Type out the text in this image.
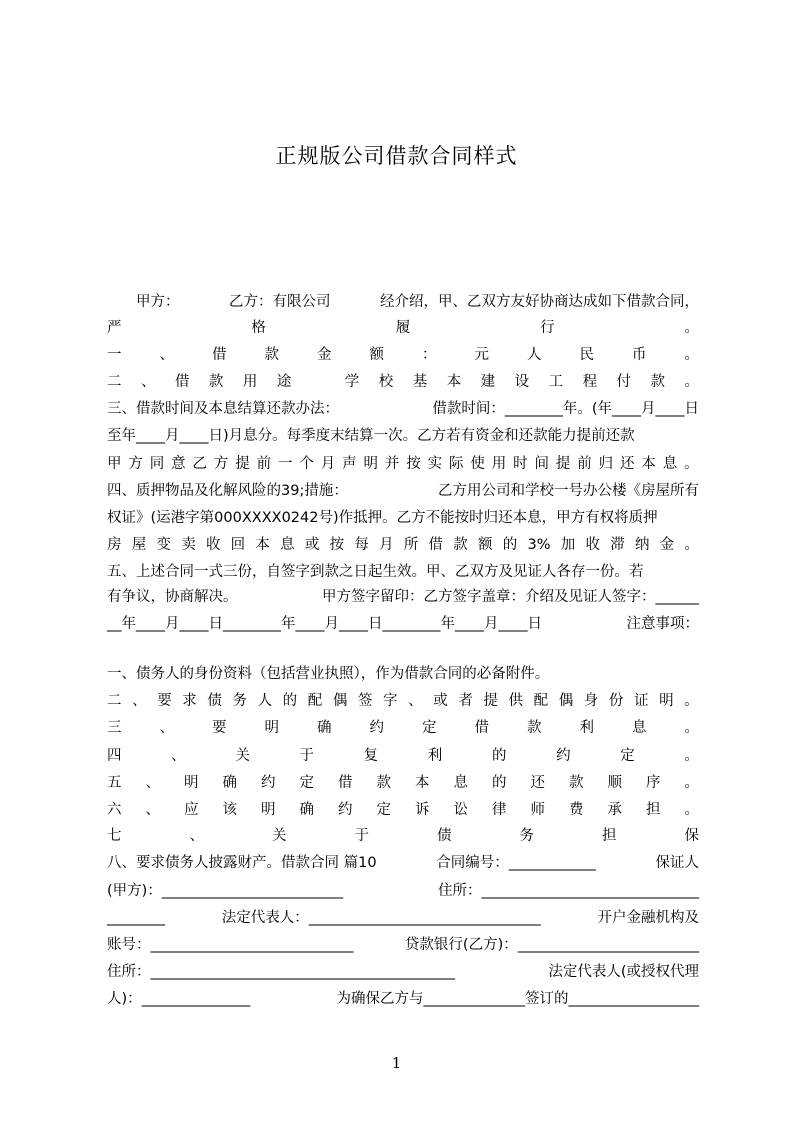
正规版公司借款合同样式
　　甲方： 　　乙方：有限公司 　　经介绍，甲、乙双方友好协商达成如下借款合同，
严	格	履	行	。
一	、	借	款	金	额	：	元	人	民	币	。
二 、 借 款 用 途
　	学 校 基 本 建 设 工 程 付 款 。
三、借款时间及本息结算还款办法：	借款时间：________年。(年____月____日
至年____月____日)月息分。每季度末结算一次。乙方若有资金和还款能力提前还款
甲 方 同 意 乙 方 提 前 一 个 月 声 明 并 按 实 际 使 用 时 间 提 前 归 还 本 息 。
四、质押物品及化解风险的39;措施：	乙方用公司和学校一号办公楼《房屋所有
权证》(运港字第000XXXX0242号)作抵押。乙方不能按时归还本息，甲方有权将质押
房 屋 变 卖 收 回 本 息 或 按 每 月 所 借 款 额 的 3% 加 收 滞 纳 金 。
五、上述合同一式三份，自签字到款之日起生效。甲、乙双方及见证人各存一份。若
有争议，协商解决。	甲方签字留印：乙方签字盖章：介绍及见证人签字：______
__年____月____日________年____月____日________年____月____日	注意事项：
一、债务人的身份资料（包括营业执照），作为借款合同的必备附件。
二 、 要 求 债 务 人 的 配 偶 签 字 、 或 者 提 供 配 偶 身 份 证 明 。
三	、	要	明	确	约	定	借	款	利	息	。
四	、	关	于	复	利	的	约	定	。
五 、 明 确 约 定 借 款 本 息 的 还 款 顺 序 。
六 、 应 该 明 确 约 定 诉 讼 律 师 费 承 担 。
七	、	关	于	债	务	担	保
八、要求债务人披露财产。借款合同 篇10	合同编号：____________	保证人
(甲方)：_________________________	住所：______________________________
________	法定代表人：________________________________	开户金融机构及
账号：____________________________	贷款银行(乙方)：_________________________
住所：__________________________________________	法定代表人(或授权代理
人)：_______________	为确保乙方与______________签订的__________________
1
